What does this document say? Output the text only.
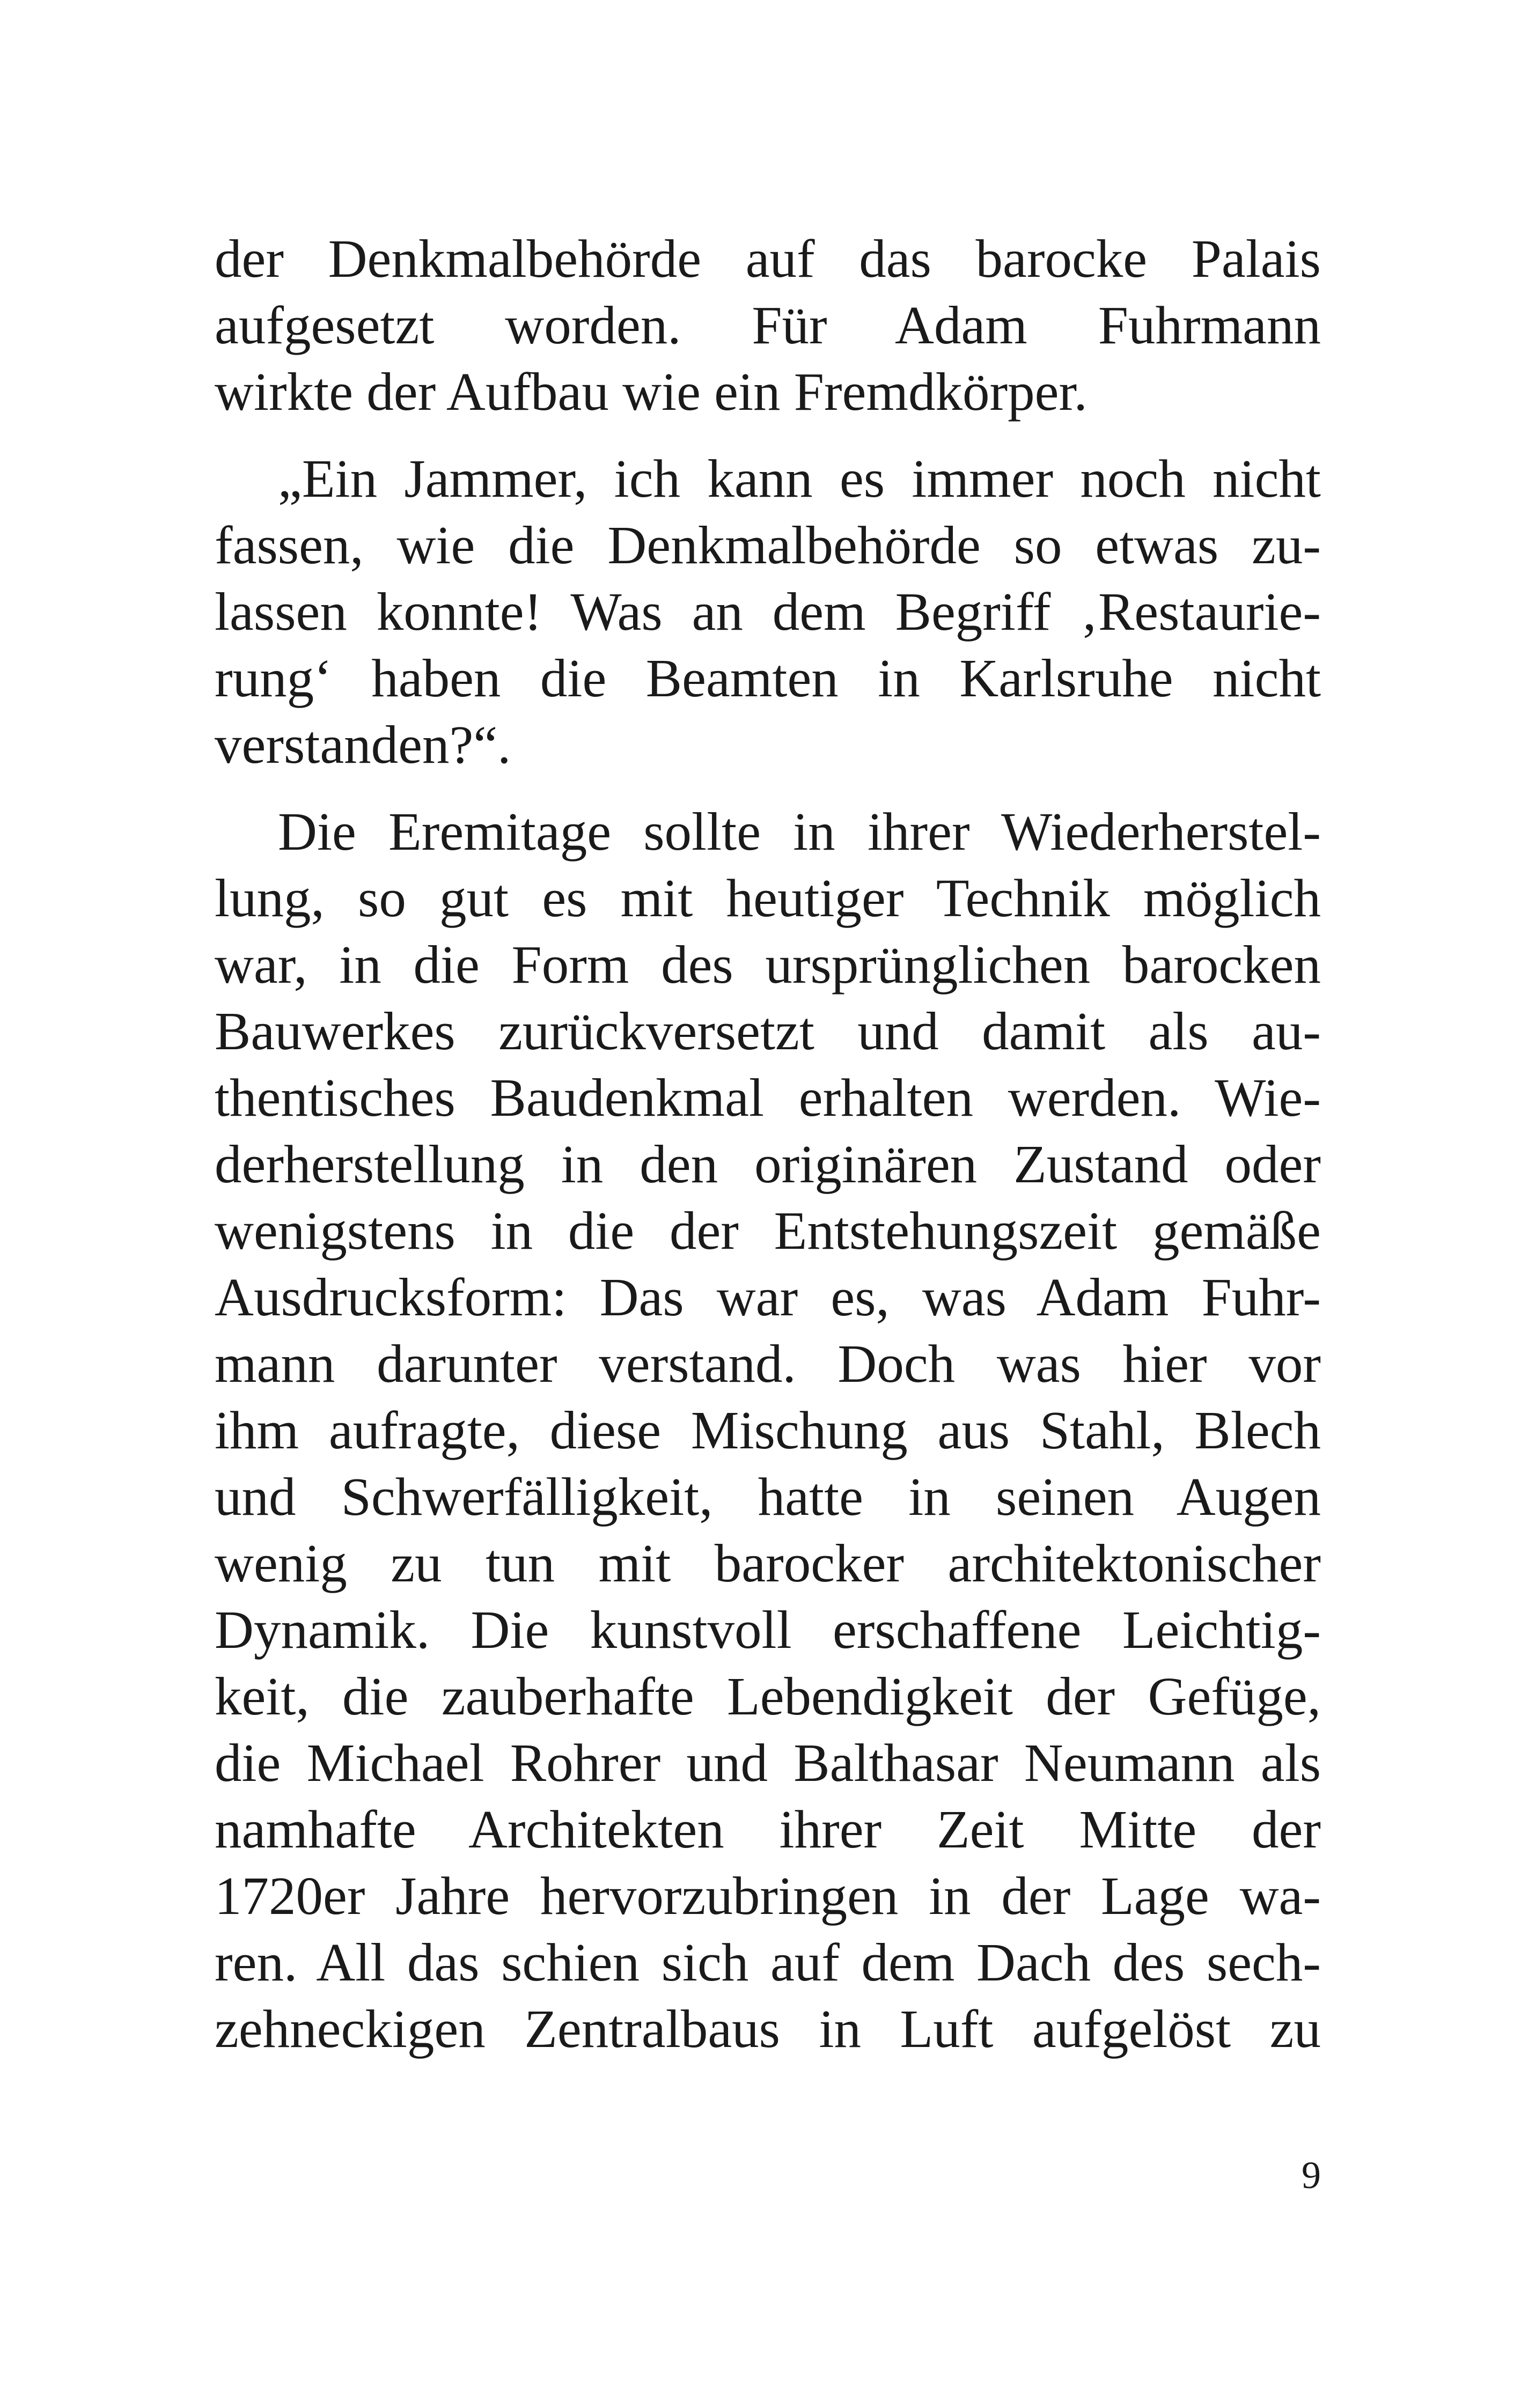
der Denkmalbehörde auf das barocke Palais
aufgesetzt worden. Für Adam Fuhrmann
wirkte der Aufbau wie ein Fremdkörper.
„Ein Jammer, ich kann es immer noch nicht
fassen, wie die Denkmalbehörde so etwas zu-
lassen konnte! Was an dem Begriff ‚Restaurie-
rung‘ haben die Beamten in Karlsruhe nicht
verstanden?“.
Die Eremitage sollte in ihrer Wiederherstel-
lung, so gut es mit heutiger Technik möglich
war, in die Form des ursprünglichen barocken
Bauwerkes zurückversetzt und damit als au-
thentisches Baudenkmal erhalten werden. Wie-
derherstellung in den originären Zustand oder
wenigstens in die der Entstehungszeit gemäße
Ausdrucksform: Das war es, was Adam Fuhr-
mann darunter verstand. Doch was hier vor
ihm aufragte, diese Mischung aus Stahl, Blech
und Schwerfälligkeit, hatte in seinen Augen
wenig zu tun mit barocker architektonischer
Dynamik. Die kunstvoll erschaffene Leichtig-
keit, die zauberhafte Lebendigkeit der Gefüge,
die Michael Rohrer und Balthasar Neumann als
namhafte Architekten ihrer Zeit Mitte der
1720er Jahre hervorzubringen in der Lage wa-
ren. All das schien sich auf dem Dach des sech-
zehneckigen Zentralbaus in Luft aufgelöst zu
9
